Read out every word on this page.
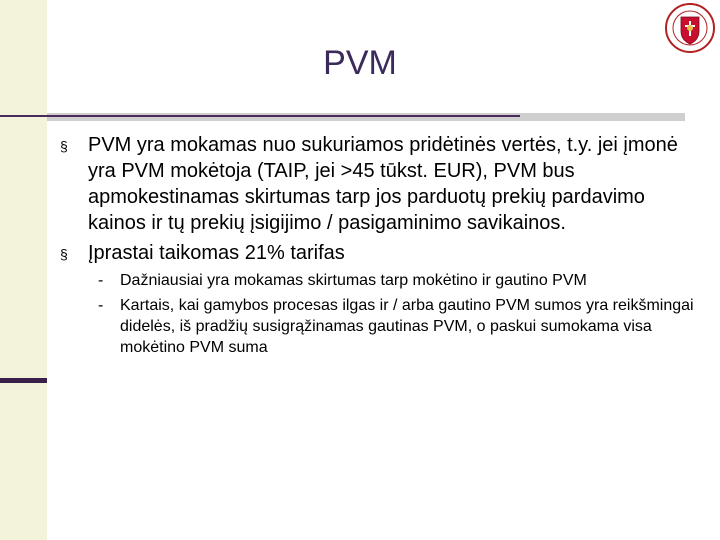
PVM
§ PVM yra mokamas nuo sukuriamos pridėtinės vertės, t.y. jei įmonė yra PVM mokėtoja (TAIP, jei >45 tūkst. EUR), PVM bus apmokestinamas skirtumas tarp jos parduotų prekių pardavimo kainos ir tų prekių įsigijimo / pasigaminimo savikainos.
§ Įprastai taikomas 21% tarifas
- Dažniausiai yra mokamas skirtumas tarp mokėtino ir gautino PVM
- Kartais, kai gamybos procesas ilgas ir / arba gautino PVM sumos yra reikšmingai didelės, iš pradžių susigrąžinamas gautinas PVM, o paskui sumokama visa mokėtino PVM suma
